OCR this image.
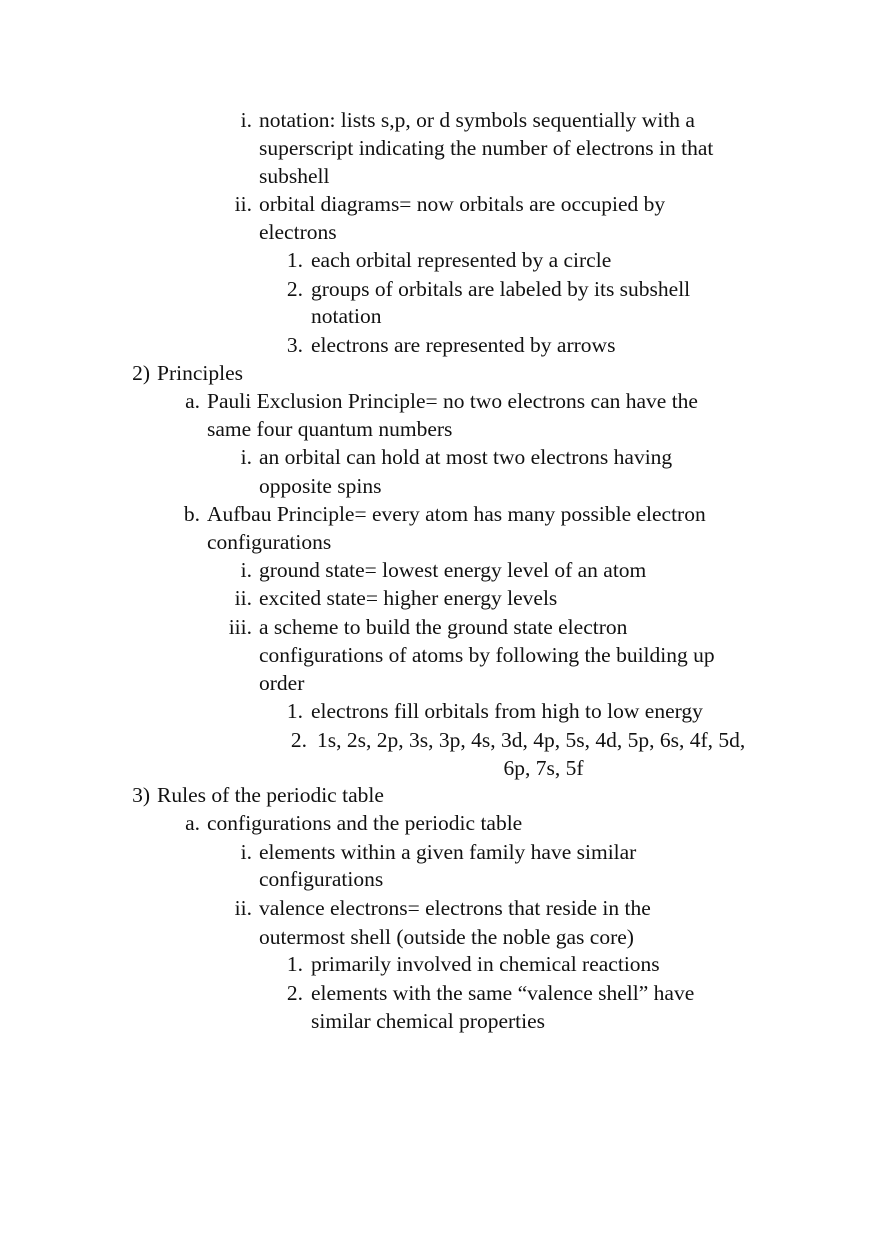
i. notation: lists s,p, or d symbols sequentially with a
superscript indicating the number of electrons in that
subshell
ii. orbital diagrams= now orbitals are occupied by
electrons
1. each orbital represented by a circle
2. groups of orbitals are labeled by its subshell
notation
3. electrons are represented by arrows
2) Principles
a. Pauli Exclusion Principle= no two electrons can have the
same four quantum numbers
i. an orbital can hold at most two electrons having
opposite spins
b. Aufbau Principle= every atom has many possible electron
configurations
i. ground state= lowest energy level of an atom
ii. excited state= higher energy levels
iii. a scheme to build the ground state electron
configurations of atoms by following the building up
order
1. electrons fill orbitals from high to low energy
2. 1s, 2s, 2p, 3s, 3p, 4s, 3d, 4p, 5s, 4d, 5p, 6s, 4f, 5d,
6p, 7s, 5f
3) Rules of the periodic table
a. configurations and the periodic table
i. elements within a given family have similar
configurations
ii. valence electrons= electrons that reside in the
outermost shell (outside the noble gas core)
1. primarily involved in chemical reactions
2. elements with the same “valence shell” have
similar chemical properties
